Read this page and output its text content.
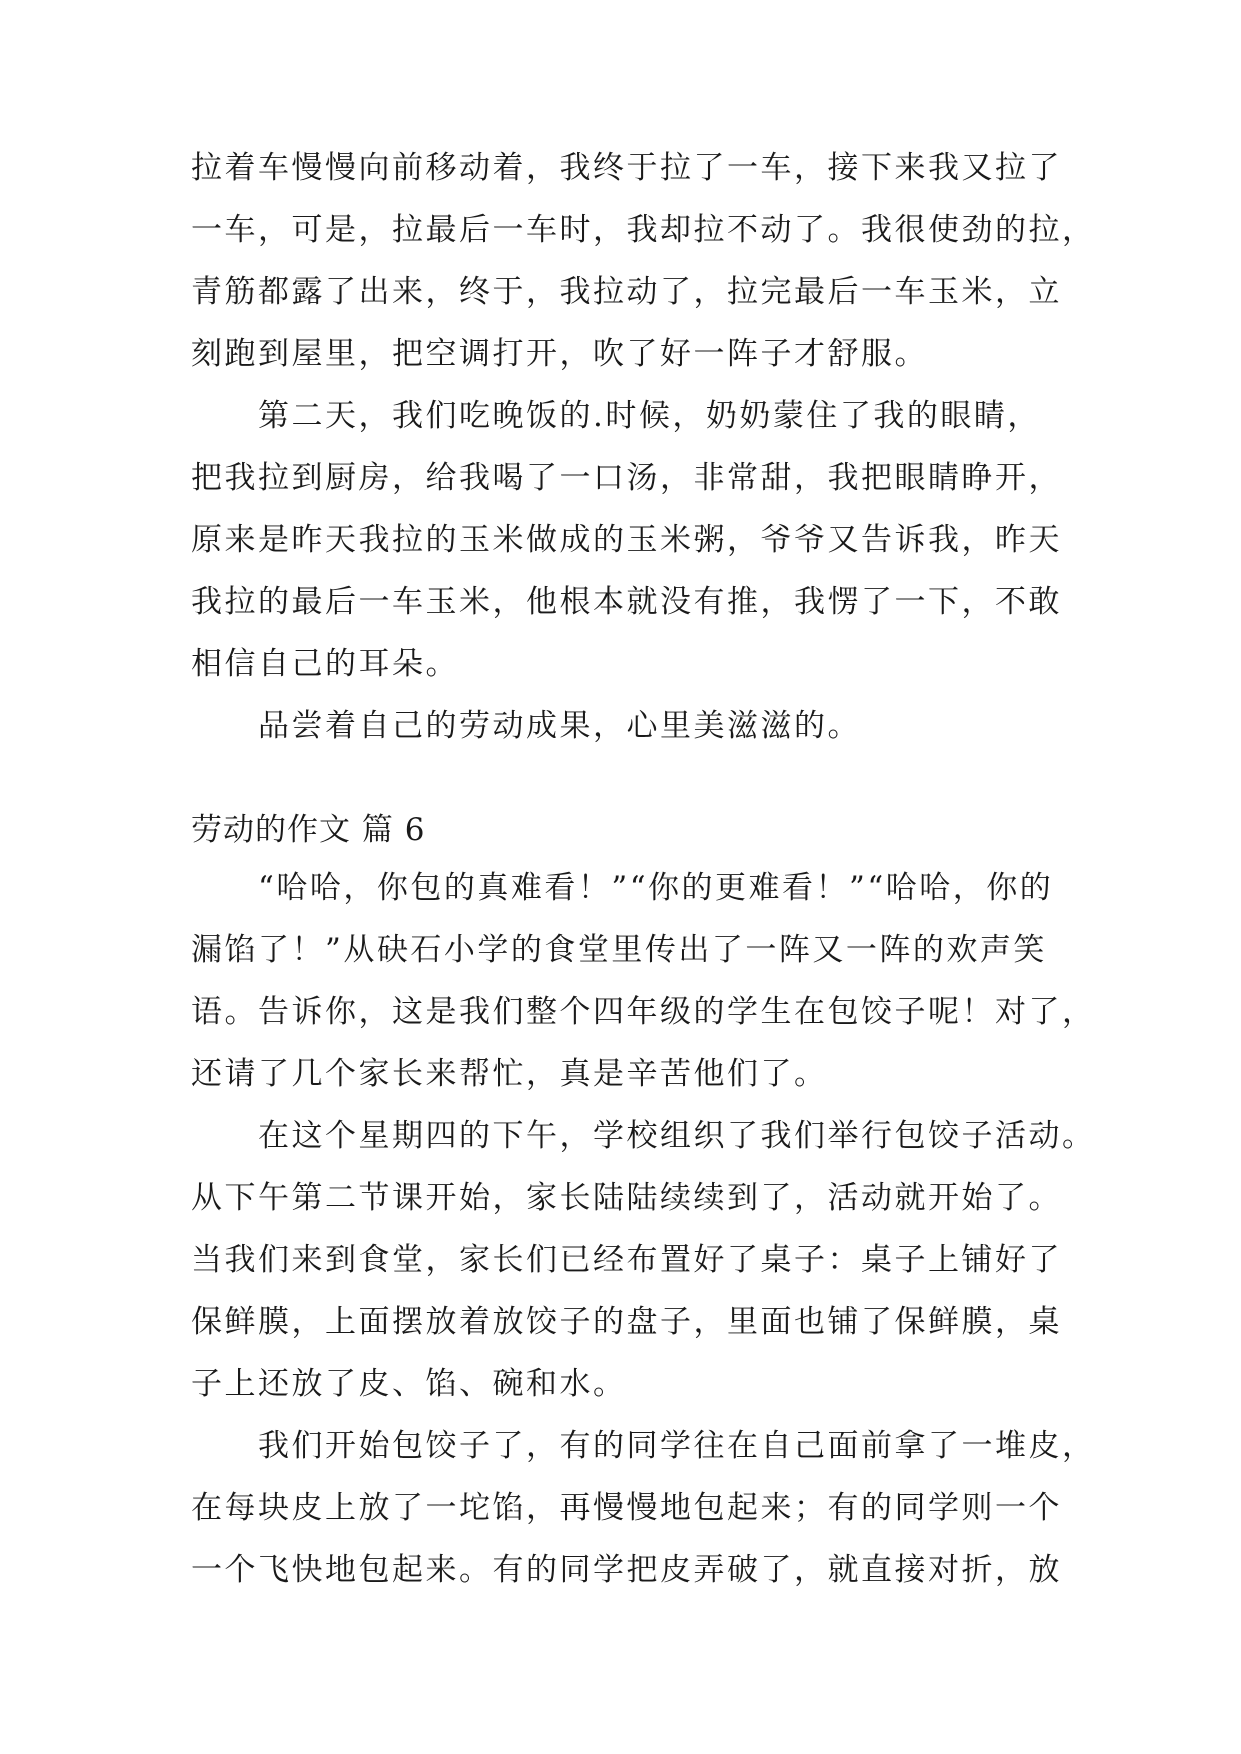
拉着车慢慢向前移动着，我终于拉了一车，接下来我又拉了
一车，可是，拉最后一车时，我却拉不动了。我很使劲的拉，
青筋都露了出来，终于，我拉动了，拉完最后一车玉米，立
刻跑到屋里，把空调打开，吹了好一阵子才舒服。
第二天，我们吃晚饭的.时候，奶奶蒙住了我的眼睛，
把我拉到厨房，给我喝了一口汤，非常甜，我把眼睛睁开，
原来是昨天我拉的玉米做成的玉米粥，爷爷又告诉我，昨天
我拉的最后一车玉米，他根本就没有推，我愣了一下，不敢
相信自己的耳朵。
品尝着自己的劳动成果，心里美滋滋的。
劳动的作文 篇 6
“哈哈，你包的真难看！”“你的更难看！”“哈哈，你的
漏馅了！”从砄石小学的食堂里传出了一阵又一阵的欢声笑
语。告诉你，这是我们整个四年级的学生在包饺子呢！对了，
还请了几个家长来帮忙，真是辛苦他们了。
在这个星期四的下午，学校组织了我们举行包饺子活动。
从下午第二节课开始，家长陆陆续续到了，活动就开始了。
当我们来到食堂，家长们已经布置好了桌子：桌子上铺好了
保鲜膜，上面摆放着放饺子的盘子，里面也铺了保鲜膜，桌
子上还放了皮、馅、碗和水。
我们开始包饺子了，有的同学往在自己面前拿了一堆皮，
在每块皮上放了一坨馅，再慢慢地包起来；有的同学则一个
一个飞快地包起来。有的同学把皮弄破了，就直接对折，放
